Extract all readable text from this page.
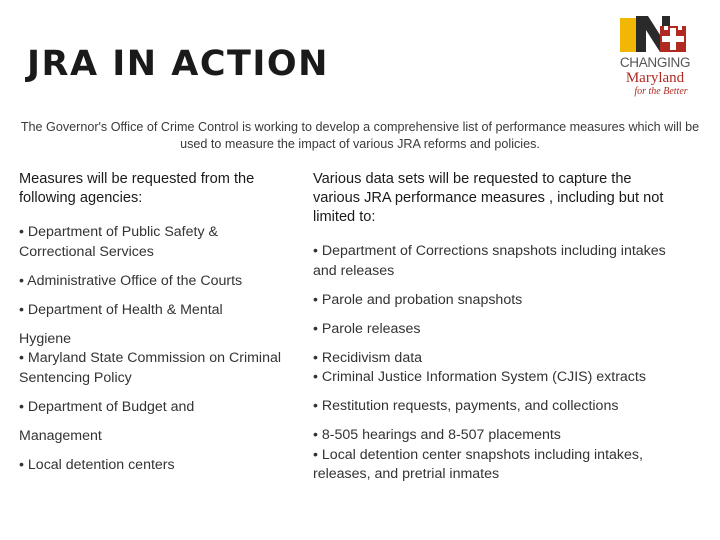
JRA IN ACTION	CHANGING
Maryland
for the Better

The Governor's Office of Crime Control is working to develop a comprehensive list of performance measures which will be used to measure the impact of various JRA reforms and policies.

Measures will be requested from the following agencies:

• Department of Public Safety & Correctional Services
• Administrative Office of the Courts
• Department of Health & Mental
Hygiene
• Maryland State Commission on Criminal Sentencing Policy
• Department of Budget and
Management
• Local detention centers

Various data sets will be requested to capture the various JRA performance measures , including but not limited to:

• Department of Corrections snapshots including intakes and releases
• Parole and probation snapshots
• Parole releases
• Recidivism data
• Criminal Justice Information System (CJIS) extracts
• Restitution requests, payments, and collections
• 8-505 hearings and 8-507 placements
• Local detention center snapshots including intakes, releases, and pretrial inmates
